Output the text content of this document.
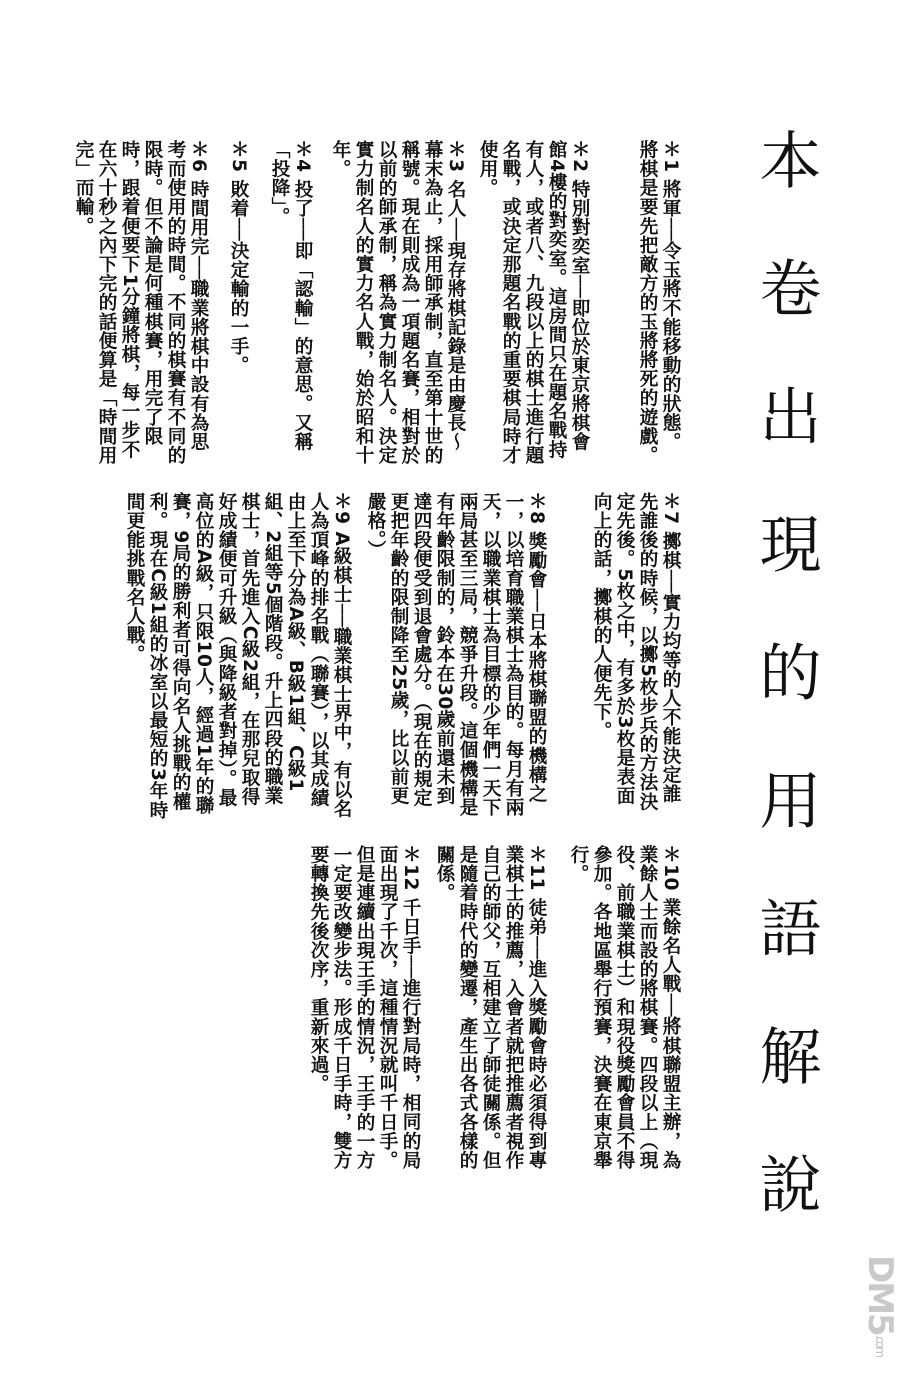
本卷出現的用語解說
＊1 將軍──令玉將不能移動的狀態。將棋是要先把敵方的玉將將死的遊戲。
＊2 特別對奕室──即位於東京將棋會館4樓的對奕室。這房間只在題名戰持有人，或者八、九段以上的棋士進行題名戰，或決定那題名戰的重要棋局時才使用。
＊3 名人──現存將棋記錄是由慶長～幕末為止，採用師承制，直至第十世的稱號。現在則成為一項題名賽，相對於以前的師承制，稱為實力制名人。決定實力制名人的實力名人戰，始於昭和十年。
＊4 投了──即「認輸」的意思。又稱「投降」。
＊5 敗着──決定輸的一手。
＊6 時間用完──職業將棋中設有為思考而使用的時間。不同的棋賽有不同的限時。但不論是何種棋賽，用完了限時，跟着便要下1分鐘將棋，每一步不在六十秒之內下完的話便算是「時間用完」而輸。
＊7 擲棋──實力均等的人不能決定誰先誰後的時候，以擲5枚步兵的方法決定先後。5枚之中，有多於3枚是表面向上的話，擲棋的人便先下。
＊8 獎勵會──日本將棋聯盟的機構之一，以培育職業棋士為目的。每月有兩天，以職業棋士為目標的少年們一天下兩局甚至三局，競爭升段。這個機構是有年齡限制的，鈴本在30歲前還未到達四段便受到退會處分。（現在的規定更把年齡的限制降至25歲，比以前更嚴格。）
＊9 A級棋士──職業棋士界中，有以名人為頂峰的排名戰（聯賽），以其成績由上至下分為A級、B級1組、C級1組、2組等5個階段。升上四段的職業棋士，首先進入C級2組，在那兒取得好成績便可升級（與降級者對掉）。最高位的A級，只限10人，經過1年的聯賽，9局的勝利者可得向名人挑戰的權利。現在C級1組的冰室以最短的3年時間更能挑戰名人戰。
＊10 業餘名人戰──將棋聯盟主辦，為業餘人士而設的將棋賽。四段以上（現役、前職業棋士）和現役獎勵會員不得參加。各地區舉行預賽，決賽在東京舉行。
＊11 徒弟──進入獎勵會時必須得到專業棋士的推薦，入會者就把推薦者視作自己的師父，互相建立了師徒關係。但是隨着時代的變遷，產生出各式各樣的關係。
＊12 千日手──進行對局時，相同的局面出現了千次，這種情況就叫千日手。但是連續出現王手的情況，王手的一方一定要改變步法。形成千日手時，雙方要轉換先後次序，重新來過。
DM5.com
